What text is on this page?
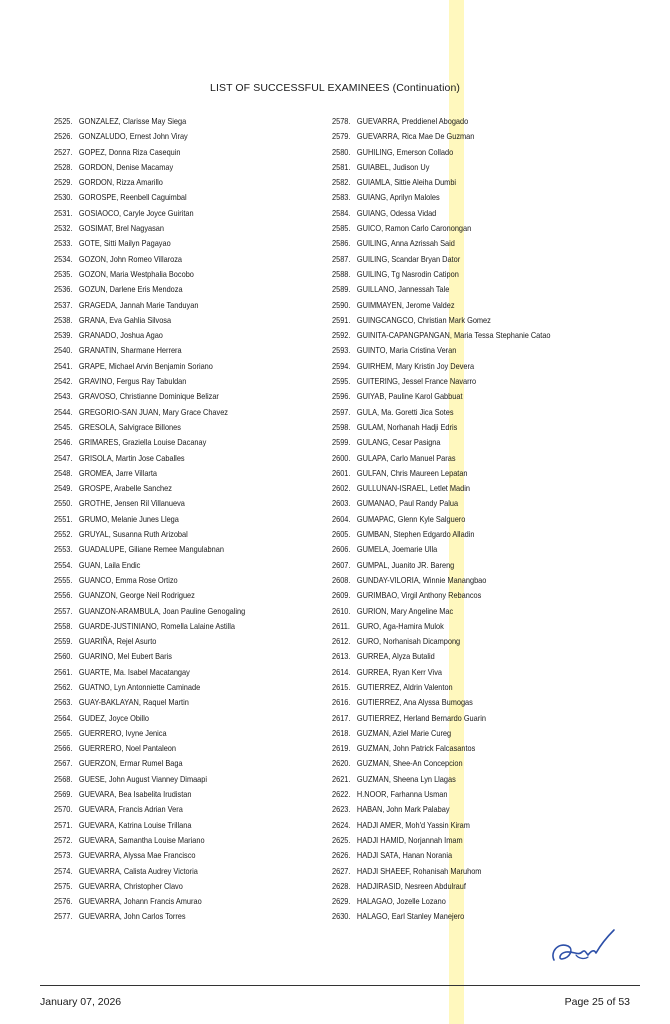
LIST OF SUCCESSFUL EXAMINEES (Continuation)
2525. GONZALEZ, Clarisse May Siega
2526. GONZALUDO, Ernest John Viray
2527. GOPEZ, Donna Riza Casequin
2528. GORDON, Denise Macamay
2529. GORDON, Rizza Amarillo
2530. GOROSPE, Reenbell Caguimbal
2531. GOSIAOCO, Caryle Joyce Guiritan
2532. GOSIMAT, Brel Nagyasan
2533. GOTE, Sitti Mailyn Pagayao
2534. GOZON, John Romeo Villaroza
2535. GOZON, Maria Westphalia Bocobo
2536. GOZUN, Darlene Eris Mendoza
2537. GRAGEDA, Jannah Marie Tanduyan
2538. GRANA, Eva Gahlia Silvosa
2539. GRANADO, Joshua Agao
2540. GRANATIN, Sharmane Herrera
2541. GRAPE, Michael Arvin Benjamin Soriano
2542. GRAVINO, Fergus Ray Tabuldan
2543. GRAVOSO, Christianne Dominique Belizar
2544. GREGORIO-SAN JUAN, Mary Grace Chavez
2545. GRESOLA, Salvigrace Billones
2546. GRIMARES, Graziella Louise Dacanay
2547. GRISOLA, Martin Jose Caballes
2548. GROMEA, Jarre Villarta
2549. GROSPE, Arabelle Sanchez
2550. GROTHE, Jensen Ril Villanueva
2551. GRUMO, Melanie Junes Llega
2552. GRUYAL, Susanna Ruth Arizobal
2553. GUADALUPE, Giliane Remee Mangulabnan
2554. GUAN, Laila Endic
2555. GUANCO, Emma Rose Ortizo
2556. GUANZON, George Neil Rodriguez
2557. GUANZON-ARAMBULA, Joan Pauline Genogaling
2558. GUARDE-JUSTINIANO, Romella Lalaine Astilla
2559. GUARIÑA, Rejel Asurto
2560. GUARINO, Mel Eubert Baris
2561. GUARTE, Ma. Isabel Macatangay
2562. GUATNO, Lyn Antonniette Caminade
2563. GUAY-BAKLAYAN, Raquel Martin
2564. GUDEZ, Joyce Obillo
2565. GUERRERO, Ivyne Jenica
2566. GUERRERO, Noel Pantaleon
2567. GUERZON, Ermar Rumel Baga
2568. GUESE, John August Vianney Dimaapi
2569. GUEVARA, Bea Isabelita Irudistan
2570. GUEVARA, Francis Adrian Vera
2571. GUEVARA, Katrina Louise Trillana
2572. GUEVARA, Samantha Louise Mariano
2573. GUEVARRA, Alyssa Mae Francisco
2574. GUEVARRA, Calista Audrey Victoria
2575. GUEVARRA, Christopher Clavo
2576. GUEVARRA, Johann Francis Amurao
2577. GUEVARRA, John Carlos Torres
2578. GUEVARRA, Preddienel Abogado
2579. GUEVARRA, Rica Mae De Guzman
2580. GUHILING, Emerson Collado
2581. GUIABEL, Judison Uy
2582. GUIAMLA, Sittie Aleiha Dumbi
2583. GUIANG, Aprilyn Maloles
2584. GUIANG, Odessa Vidad
2585. GUICO, Ramon Carlo Caronongan
2586. GUILING, Anna Azrissah Said
2587. GUILING, Scandar Bryan Dator
2588. GUILING, Tg Nasrodin Catipon
2589. GUILLANO, Jannessah Tale
2590. GUIMMAYEN, Jerome Valdez
2591. GUINGCANGCO, Christian Mark Gomez
2592. GUINITA-CAPANGPANGAN, Maria Tessa Stephanie Catao
2593. GUINTO, Maria Cristina Veran
2594. GUIRHEM, Mary Kristin Joy Devera
2595. GUITERING, Jessel France Navarro
2596. GUIYAB, Pauline Karol Gabbuat
2597. GULA, Ma. Goretti Jica Sotes
2598. GULAM, Norhanah Hadji Edris
2599. GULANG, Cesar Pasigna
2600. GULAPA, Carlo Manuel Paras
2601. GULFAN, Chris Maureen Lepatan
2602. GULLUNAN-ISRAEL, Letlet Madin
2603. GUMANAO, Paul Randy Palua
2604. GUMAPAC, Glenn Kyle Salguero
2605. GUMBAN, Stephen Edgardo Alladin
2606. GUMELA, Joemarie Ulla
2607. GUMPAL, Juanito JR. Bareng
2608. GUNDAY-VILORIA, Winnie Manangbao
2609. GURIMBAO, Virgil Anthony Rebancos
2610. GURION, Mary Angeline Mac
2611. GURO, Aga-Hamira Mulok
2612. GURO, Norhanisah Dicampong
2613. GURREA, Alyza Butalid
2614. GURREA, Ryan Kerr Viva
2615. GUTIERREZ, Aldrin Valenton
2616. GUTIERREZ, Ana Alyssa Bumogas
2617. GUTIERREZ, Herland Bernardo Guarin
2618. GUZMAN, Aziel Marie Cureg
2619. GUZMAN, John Patrick Falcasantos
2620. GUZMAN, Shee-An Concepcion
2621. GUZMAN, Sheena Lyn Llagas
2622. H.NOOR, Farhanna Usman
2623. HABAN, John Mark Palabay
2624. HADJI AMER, Moh'd Yassin Kiram
2625. HADJI HAMID, Norjannah Imam
2626. HADJI SATA, Hanan Norania
2627. HADJI SHAEEF, Rohanisah Maruhom
2628. HADJIRASID, Nesreen Abdulrauf
2629. HALAGAO, Jozelle Lozano
2630. HALAGO, Earl Stanley Manejero
January 07, 2026	Page 25 of 53
